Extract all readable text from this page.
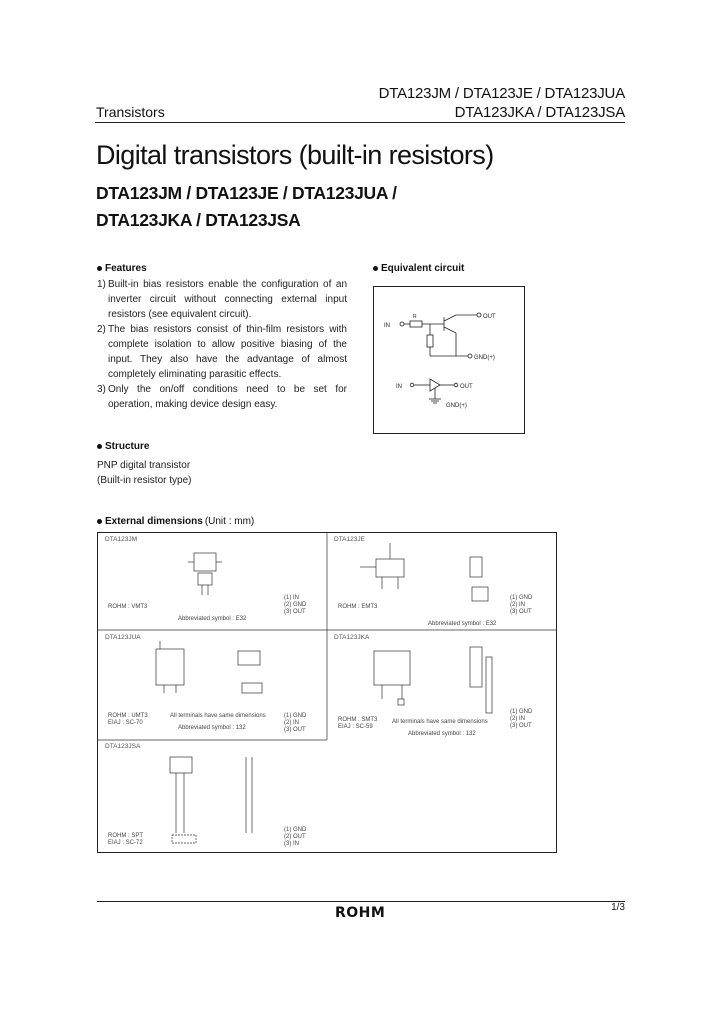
DTA123JM / DTA123JE / DTA123JUA
Transistors	DTA123JKA / DTA123JSA
Digital transistors (built-in resistors)
DTA123JM / DTA123JE / DTA123JUA /
DTA123JKA / DTA123JSA
Features
1) Built-in bias resistors enable the configuration of an inverter circuit without connecting external input resistors (see equivalent circuit).
2) The bias resistors consist of thin-film resistors with complete isolation to allow positive biasing of the input. They also have the advantage of almost completely eliminating parasitic effects.
3) Only the on/off conditions need to be set for operation, making device design easy.
Equivalent circuit
IN
R	OUT
GND(+)
IN	OUT
GND(+)
Structure
PNP digital transistor
(Built-in resistor type)
External dimensions (Unit : mm)
DTA123JM	DTA123JE
DTA123JUA	DTA123JKA
DTA123JSA
ROHM : VMT3
Abbreviated symbol : E32
(1) IN
(2) GND
(3) OUT
ROHM : EMT3
Abbreviated symbol : E32
(1) GND
(2) IN
(3) OUT
ROHM : UMT3
EIAJ : SC-70
All terminals have same dimensions
Abbreviated symbol : 132
(1) GND
(2) IN
(3) OUT
ROHM : SMT3
EIAJ : SC-59
All terminals have same dimensions
Abbreviated symbol : 132
(1) GND
(2) IN
(3) OUT
ROHM : SPT
EIAJ : SC-72
(1) GND
(2) OUT
(3) IN
1/3
ROHM
